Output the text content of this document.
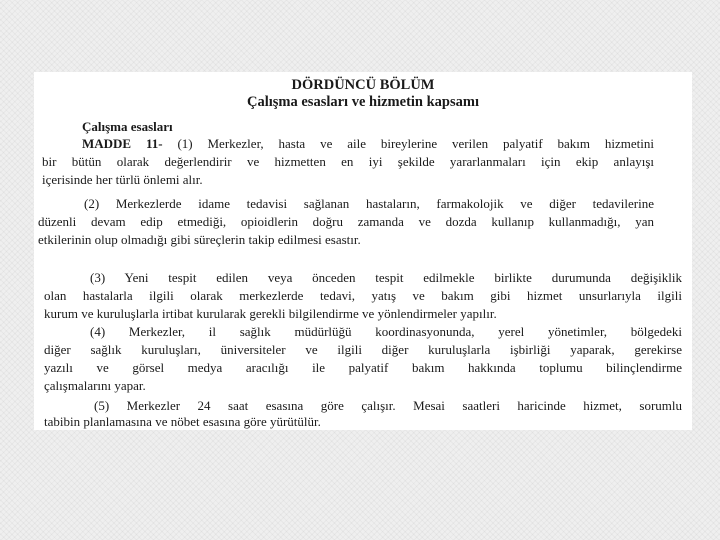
DÖRDÜNCÜ BÖLÜM
Çalışma esasları ve hizmetin kapsamı
Çalışma esasları
MADDE 11- (1) Merkezler, hasta ve aile bireylerine verilen palyatif bakım hizmetini
bir bütün olarak değerlendirir ve hizmetten en iyi şekilde yararlanmaları için ekip anlayışı
içerisinde her türlü önlemi alır.
(2) Merkezlerde idame tedavisi sağlanan hastaların, farmakolojik ve diğer tedavilerine
düzenli devam edip etmediği, opioidlerin doğru zamanda ve dozda kullanıp kullanmadığı, yan
etkilerinin olup olmadığı gibi süreçlerin takip edilmesi esastır.
(3) Yeni tespit edilen veya önceden tespit edilmekle birlikte durumunda değişiklik
olan hastalarla ilgili olarak merkezlerde tedavi, yatış ve bakım gibi hizmet unsurlarıyla ilgili
kurum ve kuruluşlarla irtibat kurularak gerekli bilgilendirme ve yönlendirmeler yapılır.
(4) Merkezler, il sağlık müdürlüğü koordinasyonunda, yerel yönetimler, bölgedeki
diğer sağlık kuruluşları, üniversiteler ve ilgili diğer kuruluşlarla işbirliği yaparak, gerekirse
yazılı ve görsel medya aracılığı ile palyatif bakım hakkında toplumu bilinçlendirme
çalışmalarını yapar.
(5) Merkezler 24 saat esasına göre çalışır. Mesai saatleri haricinde hizmet, sorumlu
tabibin planlamasına ve nöbet esasına göre yürütülür.
